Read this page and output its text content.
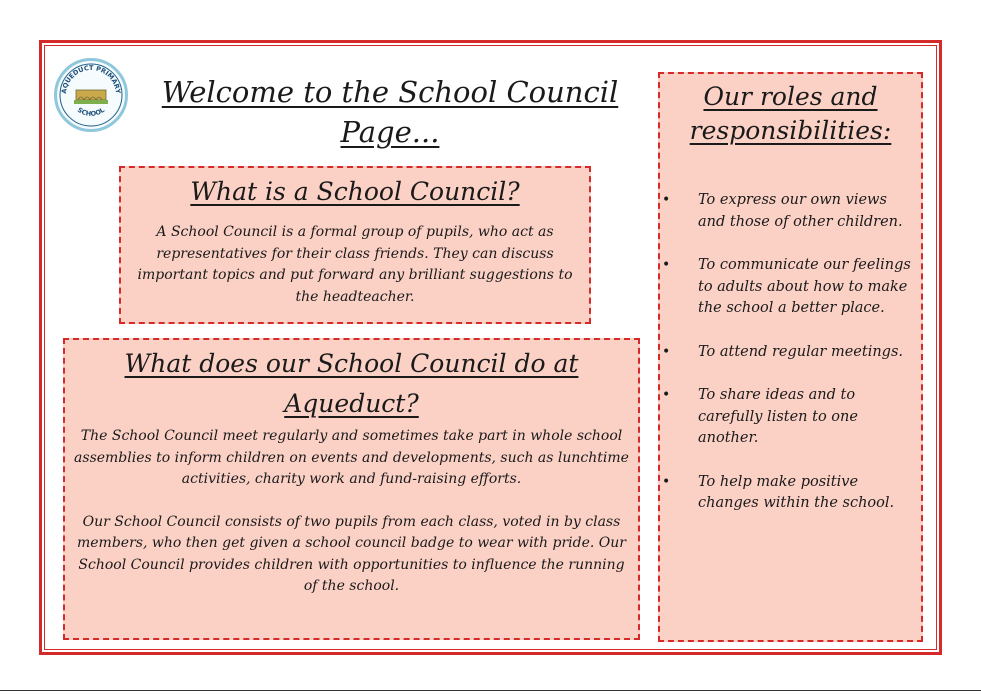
AQUEDUCT PRIMARY
SCHOOL
Welcome to the School Council Page...
What is a School Council?
A School Council is a formal group of pupils, who act as representatives for their class friends. They can discuss important topics and put forward any brilliant suggestions to the headteacher.
What does our School Council do at Aqueduct?
The School Council meet regularly and sometimes take part in whole school assemblies to inform children on events and developments, such as lunchtime activities, charity work and fund-raising efforts.
Our School Council consists of two pupils from each class, voted in by class members, who then get given a school council badge to wear with pride. Our School Council provides children with opportunities to influence the running of the school.
Our roles and responsibilities:
• To express our own views and those of other children.
• To communicate our feelings to adults about how to make the school a better place.
• To attend regular meetings.
• To share ideas and to carefully listen to one another.
• To help make positive changes within the school.
